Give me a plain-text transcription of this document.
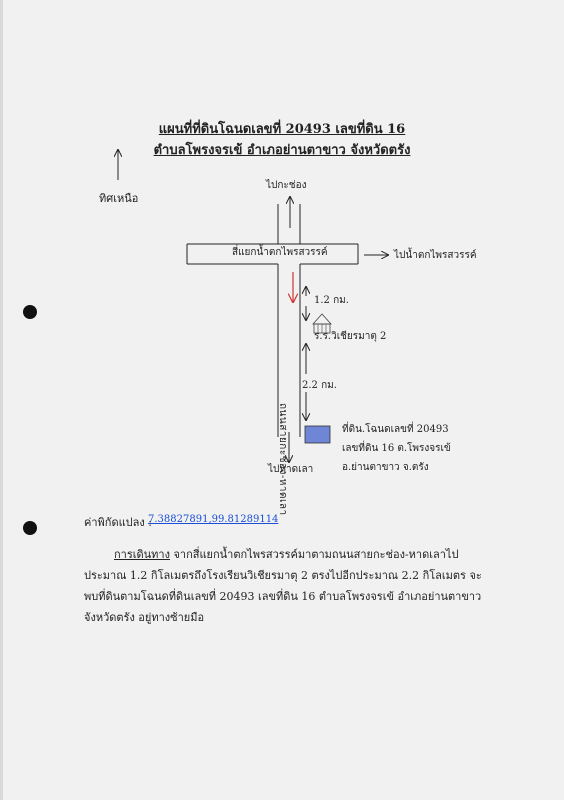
แผนที่ที่ดินโฉนดเลขที่ 20493 เลขที่ดิน 16
ตำบลโพรงจรเข้ อำเภอย่านตาขาว จังหวัดตรัง
ทิศเหนือ
ไปกะช่อง
สี่แยกน้ำตกไพรสวรรค์	ไปน้ำตกไพรสวรรค์
ถนนสายกะช่อง-หาดเลา
1.2 กม.
ร.ร.วิเชียรมาตุ 2
2.2 กม.
ที่ดิน.โฉนดเลขที่ 20493
เลขที่ดิน 16 ต.โพรงจรเข้
อ.ย่านตาขาว จ.ตรัง
ไปหาดเลา
ค่าพิกัดแปลง :
7.38827891,99.81289114

การเดินทาง จากสี่แยกน้ำตกไพรสวรรค์มาตามถนนสายกะช่อง-หาดเลาไป

ประมาณ 1.2 กิโลเมตรถึงโรงเรียนวิเชียรมาตุ 2 ตรงไปอีกประมาณ 2.2 กิโลเมตร จะ

พบที่ดินตามโฉนดที่ดินเลขที่ 20493 เลขที่ดิน 16 ตำบลโพรงจรเข้ อำเภอย่านตาขาว

จังหวัดตรัง อยู่ทางซ้ายมือ
